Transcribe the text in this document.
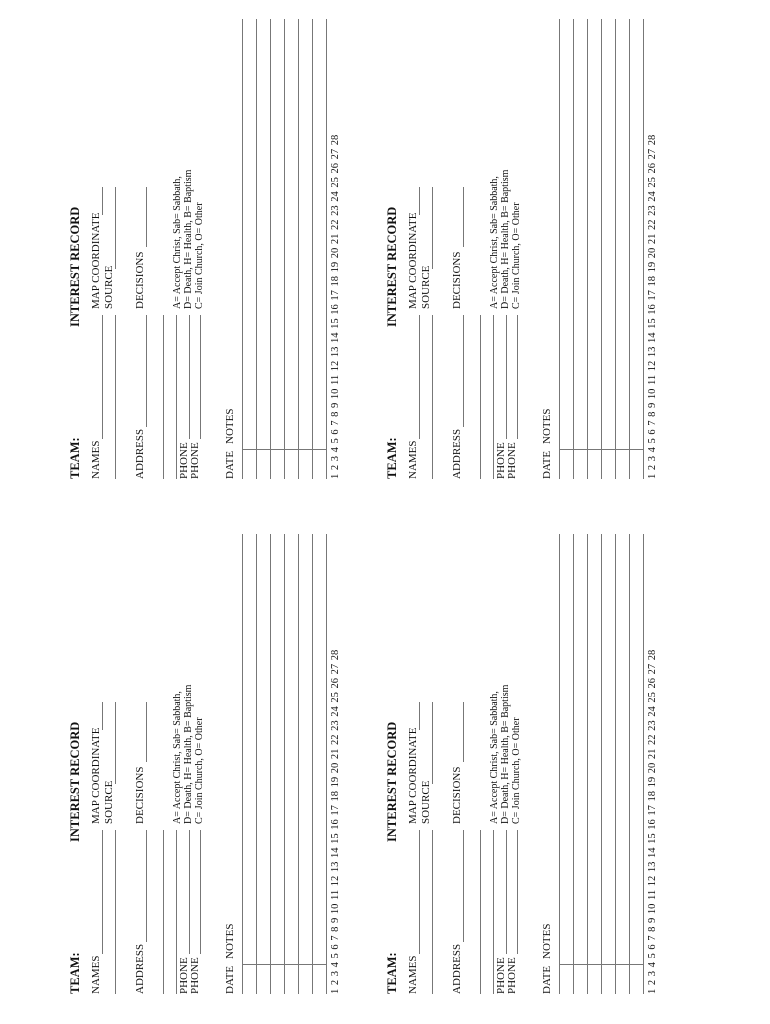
TEAM:
INTEREST RECORD
NAMES
MAP COORDINATE SOURCE
ADDRESS
DECISIONS
PHONE PHONE
A= Accept Christ, Sab= Sabbath, D= Death, H= Health, B= Baptism C= Join Church, O= Other
DATE
NOTES	1 2 3 4 5 6 7 8 9 10 11 12 13 14 15 16 17 18 19 20 21 22 23 24 25 26 27 28
TEAM:
INTEREST RECORD
NAMES
MAP COORDINATE SOURCE
ADDRESS
DECISIONS
PHONE PHONE
A= Accept Christ, Sab= Sabbath, D= Death, H= Health, B= Baptism C= Join Church, O= Other
DATE
NOTES	1 2 3 4 5 6 7 8 9 10 11 12 13 14 15 16 17 18 19 20 21 22 23 24 25 26 27 28
TEAM:
INTEREST RECORD
NAMES
MAP COORDINATE SOURCE
ADDRESS
DECISIONS
PHONE PHONE
A= Accept Christ, Sab= Sabbath, D= Death, H= Health, B= Baptism C= Join Church, O= Other
DATE
NOTES	1 2 3 4 5 6 7 8 9 10 11 12 13 14 15 16 17 18 19 20 21 22 23 24 25 26 27 28
TEAM:
INTEREST RECORD
NAMES
MAP COORDINATE SOURCE
ADDRESS
DECISIONS
PHONE PHONE
A= Accept Christ, Sab= Sabbath, D= Death, H= Health, B= Baptism C= Join Church, O= Other
DATE
NOTES	1 2 3 4 5 6 7 8 9 10 11 12 13 14 15 16 17 18 19 20 21 22 23 24 25 26 27 28
